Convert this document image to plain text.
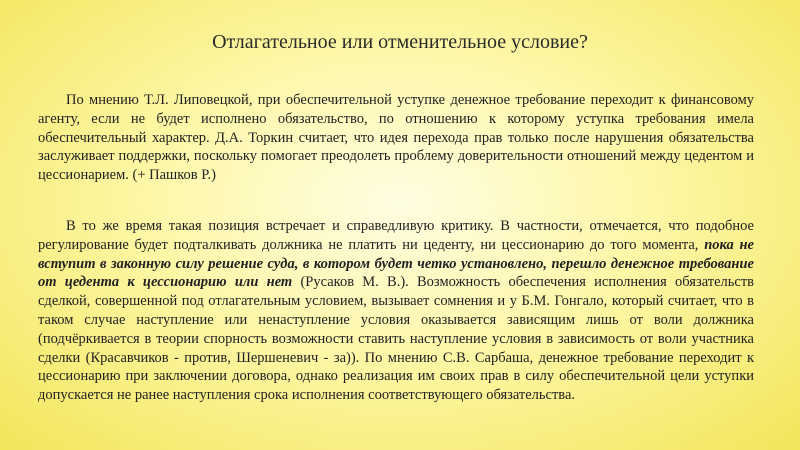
Отлагательное или отменительное условие?

По мнению Т.Л. Липовецкой, при обеспечительной уступке денежное требование переходит к финансовому агенту, если не будет исполнено обязательство, по отношению к которому уступка требования имела обеспечительный характер. Д.А. Торкин считает, что идея перехода прав только после нарушения обязательства заслуживает поддержки, поскольку помогает преодолеть проблему доверительности отношений между цедентом и цессионарием. (+ Пашков Р.)

В то же время такая позиция встречает и справедливую критику. В частности, отмечается, что подобное регулирование будет подталкивать должника не платить ни цеденту, ни цессионарию до того момента, пока не вступит в законную силу решение суда, в котором будет четко установлено, перешло денежное требование от цедента к цессионарию или нет (Русаков М. В.). Возможность обеспечения исполнения обязательств сделкой, совершенной под отлагательным условием, вызывает сомнения и у Б.М. Гонгало, который считает, что в таком случае наступление или ненаступление условия оказывается зависящим лишь от воли должника (подчёркивается в теории спорность возможности ставить наступление условия в зависимость от воли участника сделки (Красавчиков - против, Шершеневич - за)). По мнению С.В. Сарбаша, денежное требование переходит к цессионарию при заключении договора, однако реализация им своих прав в силу обеспечительной цели уступки допускается не ранее наступления срока исполнения соответствующего обязательства.
